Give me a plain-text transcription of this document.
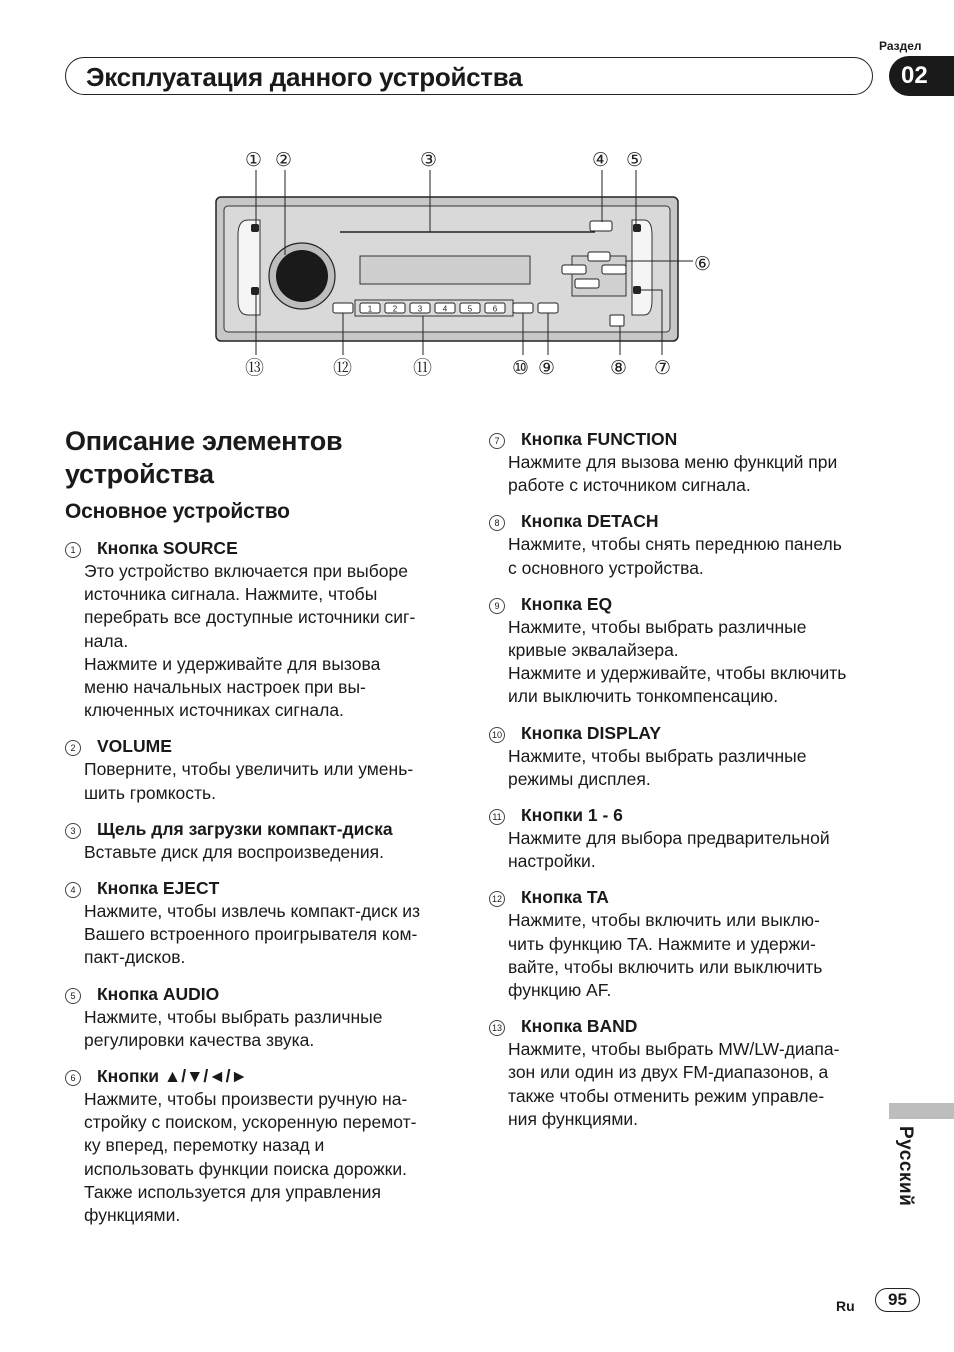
Раздел
Эксплуатация данного устройства	02
1	2	3	4	5	6
① ②	③	④ ⑤
⑥
⑬	⑫	⑪	⑩ ⑨	⑧ ⑦
Описание элементов устройства
Основное устройство
1	Кнопка SOURCE
Это устройство включается при выборе
источника сигнала. Нажмите, чтобы
перебрать все доступные источники сиг-
нала.
Нажмите и удерживайте для вызова
меню начальных настроек при вы-
ключенных источниках сигнала.
2	VOLUME
Поверните, чтобы увеличить или умень-
шить громкость.
3	Щель для загрузки компакт-диска
Вставьте диск для воспроизведения.
4	Кнопка EJECT
Нажмите, чтобы извлечь компакт-диск из
Вашего встроенного проигрывателя ком-
пакт-дисков.
5	Кнопка AUDIO
Нажмите, чтобы выбрать различные
регулировки качества звука.
6	Кнопки ▲/▼/◄/►
Нажмите, чтобы произвести ручную на-
стройку с поиском, ускоренную перемот-
ку вперед, перемотку назад и
использовать функции поиска дорожки.
Также используется для управления
функциями.
7	Кнопка FUNCTION
Нажмите для вызова меню функций при
работе с источником сигнала.
8	Кнопка DETACH
Нажмите, чтобы снять переднюю панель
с основного устройства.
9	Кнопка EQ
Нажмите, чтобы выбрать различные
кривые эквалайзера.
Нажмите и удерживайте, чтобы включить
или выключить тонкомпенсацию.
10 Кнопка DISPLAY
Нажмите, чтобы выбрать различные
режимы дисплея.
11 Кнопки 1 - 6
Нажмите для выбора предварительной
настройки.
12 Кнопка TA
Нажмите, чтобы включить или выклю-
чить функцию TA. Нажмите и удержи-
вайте, чтобы включить или выключить
функцию AF.
13 Кнопка BAND
Нажмите, чтобы выбрать MW/LW-диапа-
зон или один из двух FM-диапазонов, а
также чтобы отменить режим управле-
ния функциями.
Русский
Ru	95
